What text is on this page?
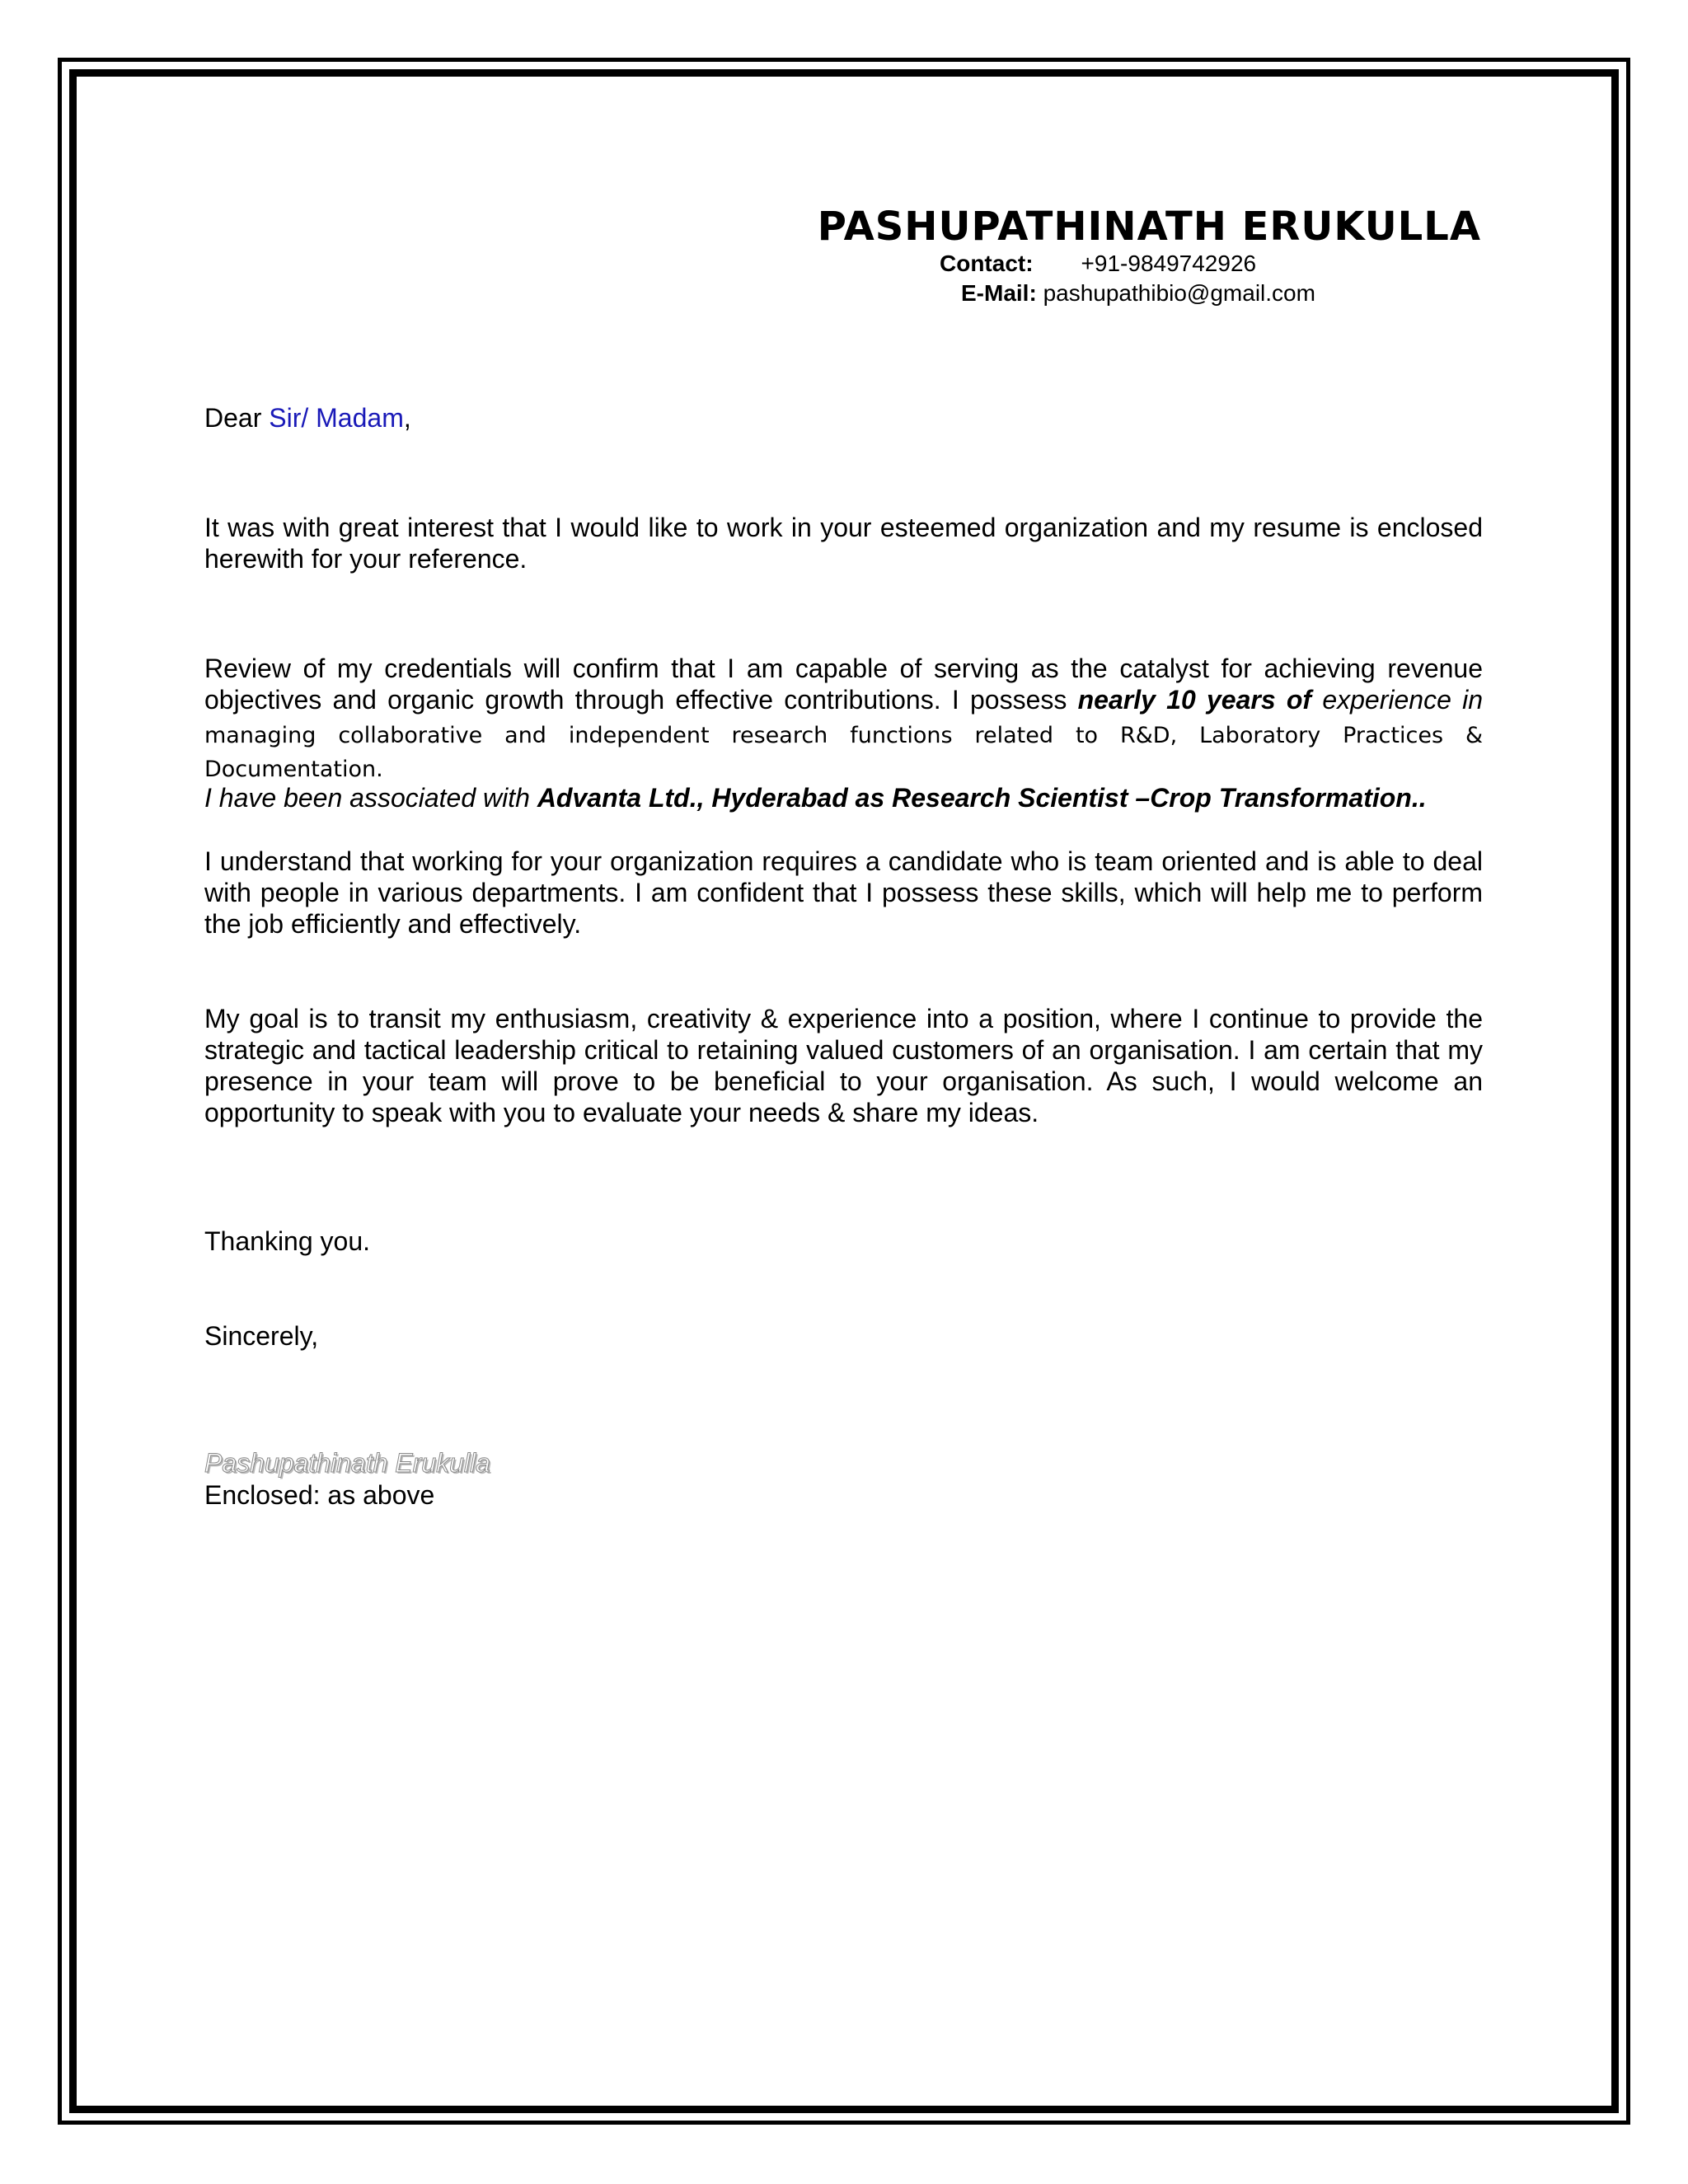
PASHUPATHINATH ERUKULLA
Contact: +91-9849742926
E-Mail: pashupathibio@gmail.com
Dear Sir/ Madam,
It was with great interest that I would like to work in your esteemed organization and my resume is enclosed herewith for your reference.
Review of my credentials will confirm that I am capable of serving as the catalyst for achieving revenue objectives and organic growth through effective contributions. I possess nearly 10 years of experience in managing collaborative and independent research functions related to R&D, Laboratory Practices & Documentation.
I have been associated with Advanta Ltd., Hyderabad as Research Scientist –Crop Transformation..
I understand that working for your organization requires a candidate who is team oriented and is able to deal with people in various departments. I am confident that I possess these skills, which will help me to perform the job efficiently and effectively.
My goal is to transit my enthusiasm, creativity & experience into a position, where I continue to provide the strategic and tactical leadership critical to retaining valued customers of an organisation. I am certain that my presence in your team will prove to be beneficial to your organisation. As such, I would welcome an opportunity to speak with you to evaluate your needs & share my ideas.
Thanking you.
Sincerely,
Pashupathinath Erukulla
Enclosed: as above
